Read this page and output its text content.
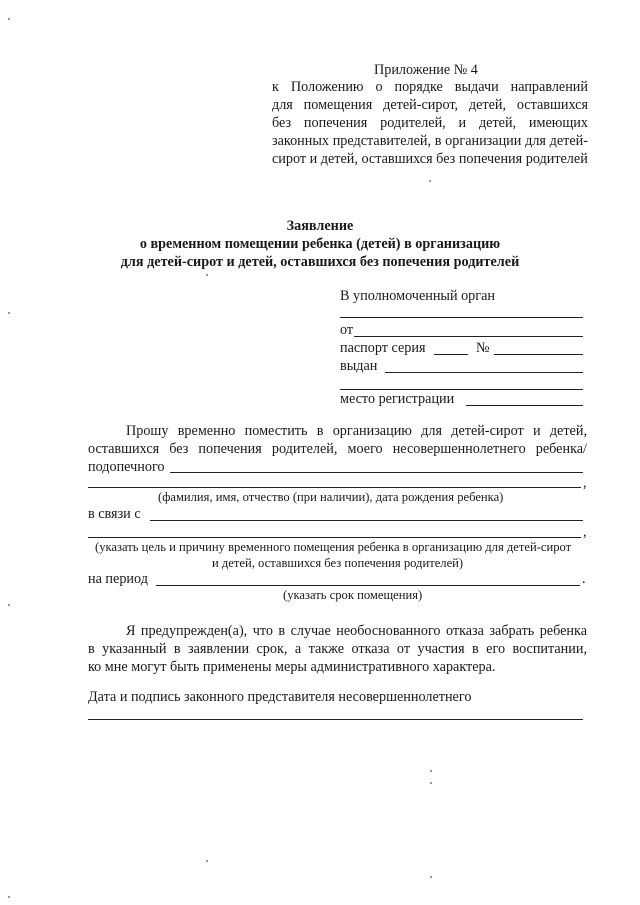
Приложение № 4
к Положению о порядке выдачи направлений
для помещения детей-сирот, детей, оставшихся
без попечения родителей, и детей, имеющих
законных представителей, в организации для детей-
сирот и детей, оставшихся без попечения родителей
Заявление
о временном помещении ребенка (детей) в организацию
для детей-сирот и детей, оставшихся без попечения родителей
В уполномоченный орган
от
паспорт серия	№
выдан
место регистрации
Прошу временно поместить в организацию для детей-сирот и детей,
оставшихся без попечения родителей, моего несовершеннолетнего ребенка/
подопечного
,
(фамилия, имя, отчество (при наличии), дата рождения ребенка)
в связи с
,
(указать цель и причину временного помещения ребенка в организацию для детей-сирот
и детей, оставшихся без попечения родителей)
на период	.
(указать срок помещения)
Я предупрежден(а), что в случае необоснованного отказа забрать ребенка
в указанный в заявлении срок, а также отказа от участия в его воспитании,
ко мне могут быть применены меры административного характера.
Дата и подпись законного представителя несовершеннолетнего
